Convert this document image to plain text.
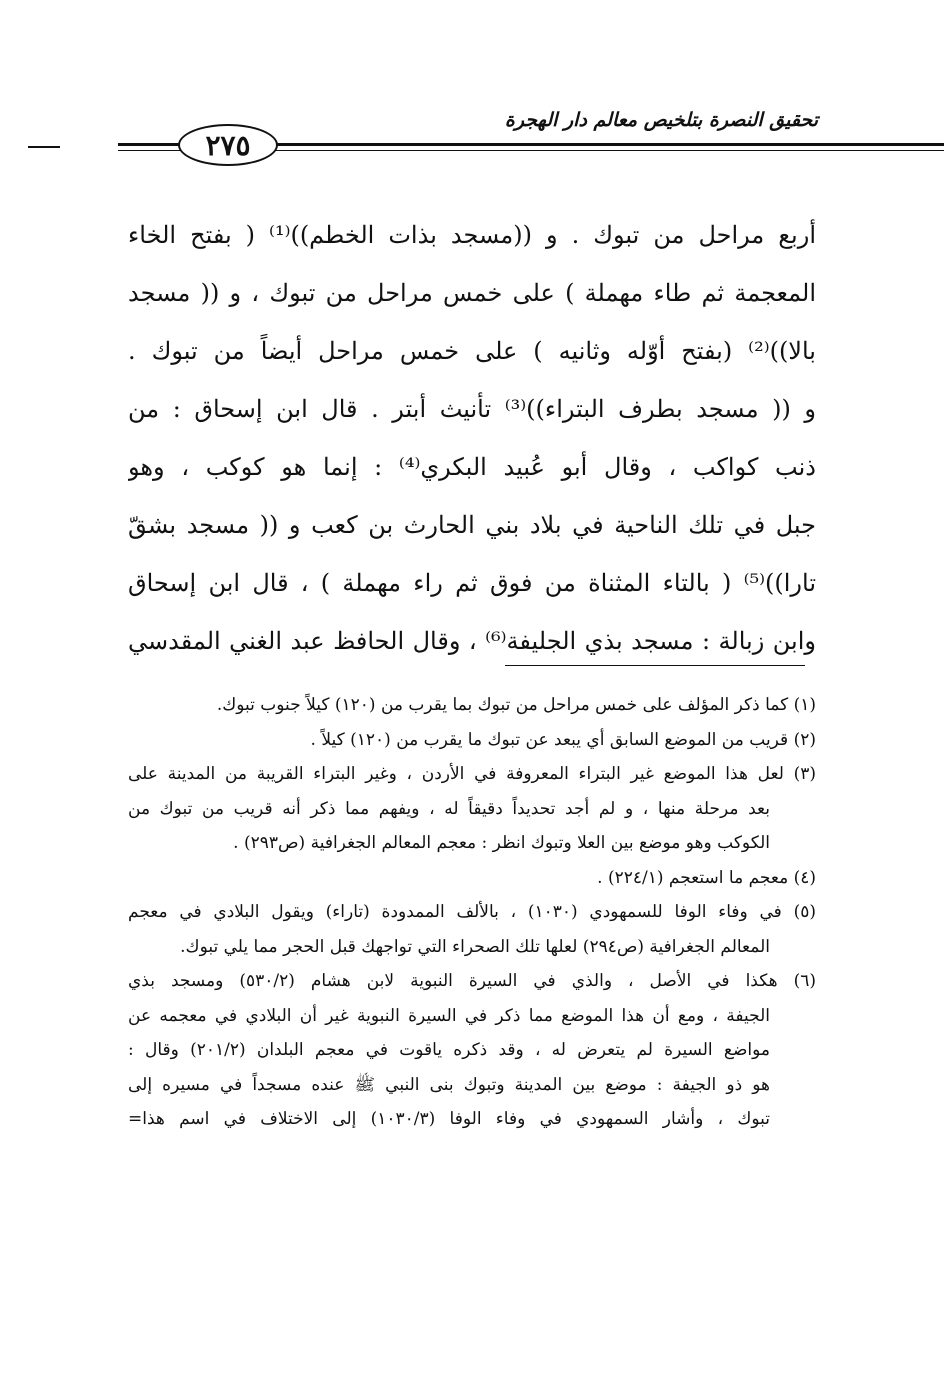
تحقيق النصرة بتلخيص معالم دار الهجرة
٢٧٥
أربع مراحل من تبوك . و ((مسجد بذات الخطم))⁽¹⁾ ( بفتح الخاء
المعجمة ثم طاء مهملة ) على خمس مراحل من تبوك ، و (( مسجد
بالا))⁽²⁾ (بفتح أوّله وثانيه ) على خمس مراحل أيضاً من تبوك .
و (( مسجد بطرف البتراء))⁽³⁾ تأنيث أبتر . قال ابن إسحاق : من
ذنب كواكب ، وقال أبو عُبيد البكري⁽⁴⁾ : إنما هو كوكب ، وهو
جبل في تلك الناحية في بلاد بني الحارث بن كعب و (( مسجد بشقّ
تارا))⁽⁵⁾ ( بالتاء المثناة من فوق ثم راء مهملة ) ، قال ابن إسحاق
وابن زبالة : مسجد بذي الجليفة⁽⁶⁾ ، وقال الحافظ عبد الغني المقدسي
(١) كما ذكر المؤلف على خمس مراحل من تبوك بما يقرب من (١٢٠) كيلاً جنوب تبوك.
(٢) قريب من الموضع السابق أي يبعد عن تبوك ما يقرب من (١٢٠) كيلاً .
(٣) لعل هذا الموضع غير البتراء المعروفة في الأردن ، وغير البتراء القريبة من المدينة على
بعد مرحلة منها ، و لم أجد تحديداً دقيقاً له ، ويفهم مما ذكر أنه قريب من تبوك من
الكوكب وهو موضع بين العلا وتبوك انظر : معجم المعالم الجغرافية (ص٢٩٣) .
(٤) معجم ما استعجم (٢٢٤/١) .
(٥) في وفاء الوفا للسمهودي (١٠٣٠) ، بالألف الممدودة (تاراء) ويقول البلادي في معجم
المعالم الجغرافية (ص٢٩٤) لعلها تلك الصحراء التي تواجهك قبل الحجر مما يلي تبوك.
(٦) هكذا في الأصل ، والذي في السيرة النبوية لابن هشام (٥٣٠/٢) ومسجد بذي
الجيفة ، ومع أن هذا الموضع مما ذكر في السيرة النبوية غير أن البلادي في معجمه عن
مواضع السيرة لم يتعرض له ، وقد ذكره ياقوت في معجم البلدان (٢٠١/٢) وقال :
هو ذو الجيفة : موضع بين المدينة وتبوك بنى النبي ﷺ عنده مسجداً في مسيره إلى
تبوك ، وأشار السمهودي في وفاء الوفا (١٠٣٠/٣) إلى الاختلاف في اسم هذا=
